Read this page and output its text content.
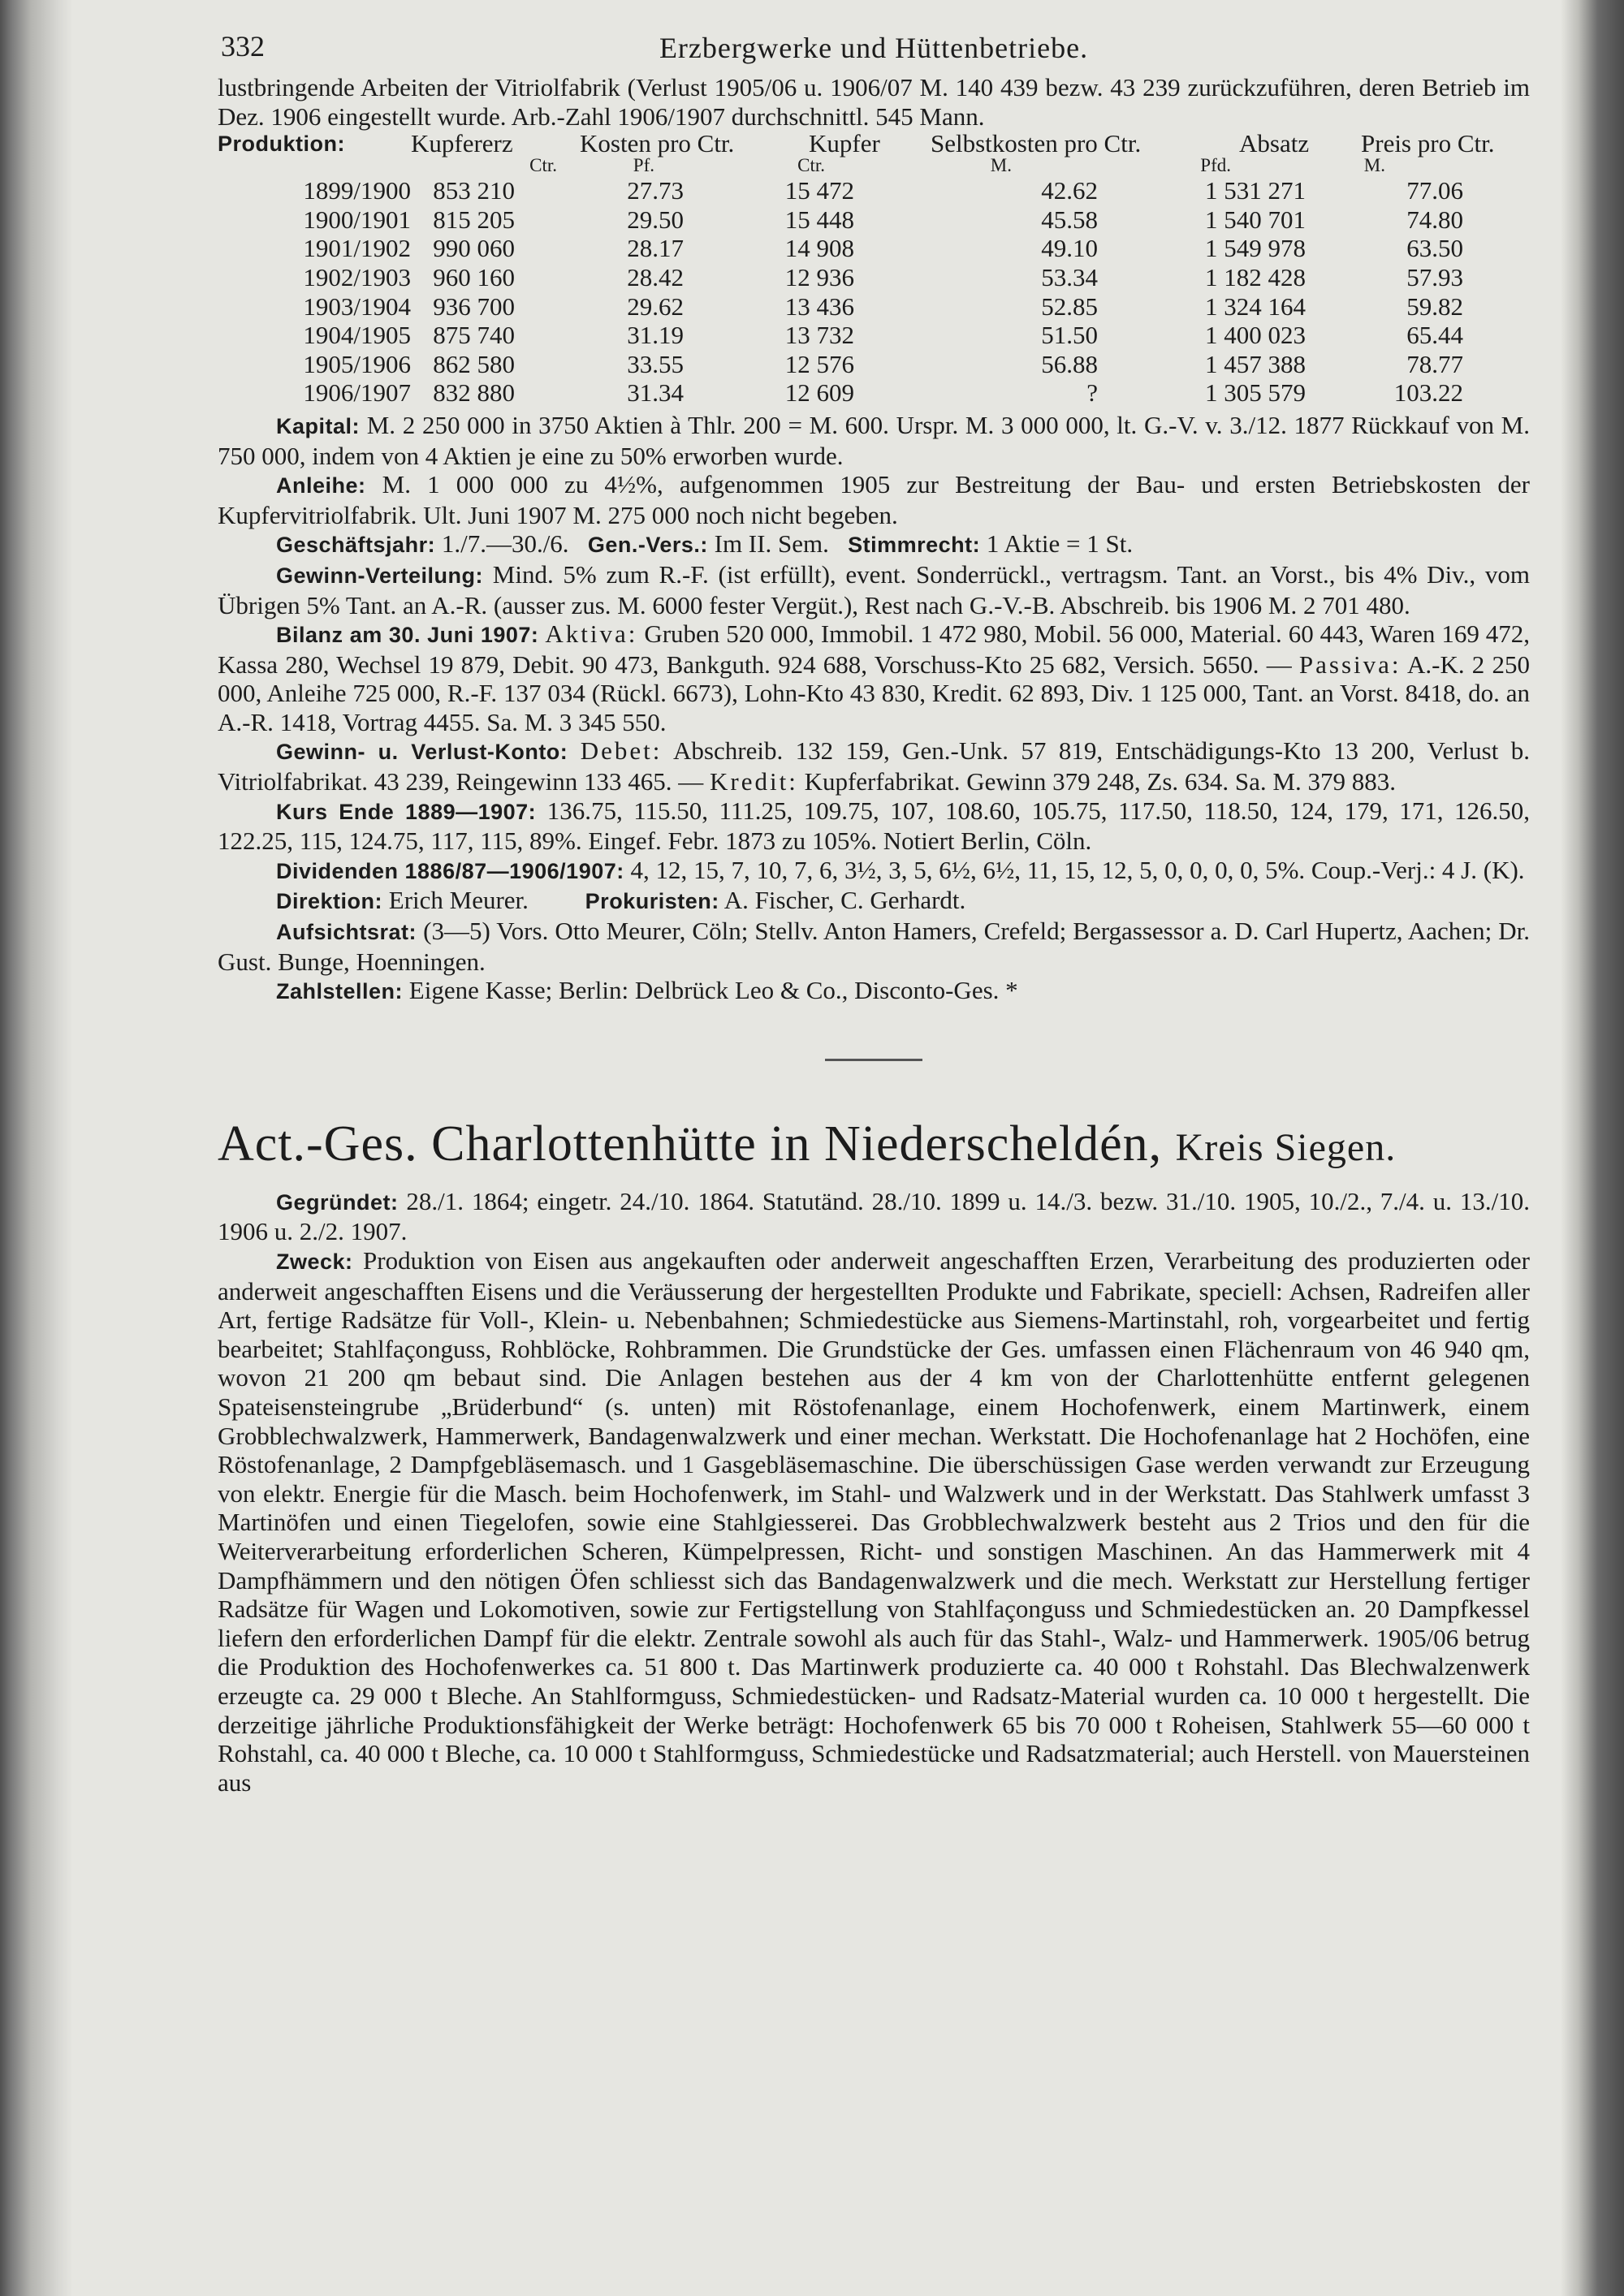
332	Erzbergwerke und Hüttenbetriebe.

lustbringende Arbeiten der Vitriolfabrik (Verlust 1905/06 u. 1906/07 M. 140 439 bezw. 43 239 zurückzuführen, deren Betrieb im Dez. 1906 eingestellt wurde. Arb.-Zahl 1906/1907 durchschnittl. 545 Mann.

Produktion:	Kupfererz	Kosten pro Ctr.	Kupfer	Selbstkosten pro Ctr.	Absatz	Preis pro Ctr.
Ctr.	Pf.	Ctr.	M.	Pfd.	M.
1899/1900 853 210	27.73	15 472	42.62	1 531 271	77.06
1900/1901 815 205	29.50	15 448	45.58	1 540 701	74.80
1901/1902 990 060	28.17	14 908	49.10	1 549 978	63.50
1902/1903 960 160	28.42	12 936	53.34	1 182 428	57.93
1903/1904 936 700	29.62	13 436	52.85	1 324 164	59.82
1904/1905 875 740	31.19	13 732	51.50	1 400 023	65.44
1905/1906 862 580	33.55	12 576	56.88	1 457 388	78.77
1906/1907 832 880	31.34	12 609	?	1 305 579	103.22

Kapital: M. 2 250 000 in 3750 Aktien à Thlr. 200 = M. 600. Urspr. M. 3 000 000, lt. G.-V. v. 3./12. 1877 Rückkauf von M. 750 000, indem von 4 Aktien je eine zu 50% erworben wurde.

Anleihe: M. 1 000 000 zu 4½%, aufgenommen 1905 zur Bestreitung der Bau- und ersten Betriebskosten der Kupfervitriolfabrik. Ult. Juni 1907 M. 275 000 noch nicht begeben.

Geschäftsjahr: 1./7.—30./6. Gen.-Vers.: Im II. Sem. Stimmrecht: 1 Aktie = 1 St.

Gewinn-Verteilung: Mind. 5% zum R.-F. (ist erfüllt), event. Sonderrückl., vertragsm. Tant. an Vorst., bis 4% Div., vom Übrigen 5% Tant. an A.-R. (ausser zus. M. 6000 fester Vergüt.), Rest nach G.-V.-B. Abschreib. bis 1906 M. 2 701 480.

Bilanz am 30. Juni 1907: Aktiva: Gruben 520 000, Immobil. 1 472 980, Mobil. 56 000, Material. 60 443, Waren 169 472, Kassa 280, Wechsel 19 879, Debit. 90 473, Bankguth. 924 688, Vorschuss-Kto 25 682, Versich. 5650. — Passiva: A.-K. 2 250 000, Anleihe 725 000, R.-F. 137 034 (Rückl. 6673), Lohn-Kto 43 830, Kredit. 62 893, Div. 1 125 000, Tant. an Vorst. 8418, do. an A.-R. 1418, Vortrag 4455. Sa. M. 3 345 550.

Gewinn- u. Verlust-Konto: Debet: Abschreib. 132 159, Gen.-Unk. 57 819, Entschädigungs-Kto 13 200, Verlust b. Vitriolfabrikat. 43 239, Reingewinn 133 465. — Kredit: Kupferfabrikat. Gewinn 379 248, Zs. 634. Sa. M. 379 883.

Kurs Ende 1889—1907: 136.75, 115.50, 111.25, 109.75, 107, 108.60, 105.75, 117.50, 118.50, 124, 179, 171, 126.50, 122.25, 115, 124.75, 117, 115, 89%. Eingef. Febr. 1873 zu 105%. Notiert Berlin, Cöln.

Dividenden 1886/87—1906/1907: 4, 12, 15, 7, 10, 7, 6, 3½, 3, 5, 6½, 6½, 11, 15, 12, 5, 0, 0, 0, 0, 5%. Coup.-Verj.: 4 J. (K).

Direktion: Erich Meurer.	Prokuristen: A. Fischer, C. Gerhardt.

Aufsichtsrat: (3—5) Vors. Otto Meurer, Cöln; Stellv. Anton Hamers, Crefeld; Bergassessor a. D. Carl Hupertz, Aachen; Dr. Gust. Bunge, Hoenningen.

Zahlstellen: Eigene Kasse; Berlin: Delbrück Leo & Co., Disconto-Ges. *

Act.-Ges. Charlottenhütte in Niederscheldén, Kreis Siegen.

Gegründet: 28./1. 1864; eingetr. 24./10. 1864. Statutänd. 28./10. 1899 u. 14./3. bezw. 31./10. 1905, 10./2., 7./4. u. 13./10. 1906 u. 2./2. 1907.

Zweck: Produktion von Eisen aus angekauften oder anderweit angeschafften Erzen, Verarbeitung des produzierten oder anderweit angeschafften Eisens und die Veräusserung der hergestellten Produkte und Fabrikate, speciell: Achsen, Radreifen aller Art, fertige Radsätze für Voll-, Klein- u. Nebenbahnen; Schmiedestücke aus Siemens-Martinstahl, roh, vorgearbeitet und fertig bearbeitet; Stahlfaçonguss, Rohblöcke, Rohbrammen. Die Grundstücke der Ges. umfassen einen Flächenraum von 46 940 qm, wovon 21 200 qm bebaut sind. Die Anlagen bestehen aus der 4 km von der Charlottenhütte entfernt gelegenen Spateisensteingrube „Brüderbund“ (s. unten) mit Röstofenanlage, einem Hochofenwerk, einem Martinwerk, einem Grobblechwalzwerk, Hammerwerk, Bandagenwalzwerk und einer mechan. Werkstatt. Die Hochofenanlage hat 2 Hochöfen, eine Röstofenanlage, 2 Dampfgebläsemasch. und 1 Gasgebläsemaschine. Die überschüssigen Gase werden verwandt zur Erzeugung von elektr. Energie für die Masch. beim Hochofenwerk, im Stahl- und Walzwerk und in der Werkstatt. Das Stahlwerk umfasst 3 Martinöfen und einen Tiegelofen, sowie eine Stahlgiesserei. Das Grobblechwalzwerk besteht aus 2 Trios und den für die Weiterverarbeitung erforderlichen Scheren, Kümpelpressen, Richt- und sonstigen Maschinen. An das Hammerwerk mit 4 Dampfhämmern und den nötigen Öfen schliesst sich das Bandagenwalzwerk und die mech. Werkstatt zur Herstellung fertiger Radsätze für Wagen und Lokomotiven, sowie zur Fertigstellung von Stahlfaçonguss und Schmiedestücken an. 20 Dampfkessel liefern den erforderlichen Dampf für die elektr. Zentrale sowohl als auch für das Stahl-, Walz- und Hammerwerk. 1905/06 betrug die Produktion des Hochofenwerkes ca. 51 800 t. Das Martinwerk produzierte ca. 40 000 t Rohstahl. Das Blechwalzenwerk erzeugte ca. 29 000 t Bleche. An Stahlformguss, Schmiedestücken- und Radsatz-Material wurden ca. 10 000 t hergestellt. Die derzeitige jährliche Produktionsfähigkeit der Werke beträgt: Hochofenwerk 65 bis 70 000 t Roheisen, Stahlwerk 55—60 000 t Rohstahl, ca. 40 000 t Bleche, ca. 10 000 t Stahlformguss, Schmiedestücke und Radsatzmaterial; auch Herstell. von Mauersteinen aus
